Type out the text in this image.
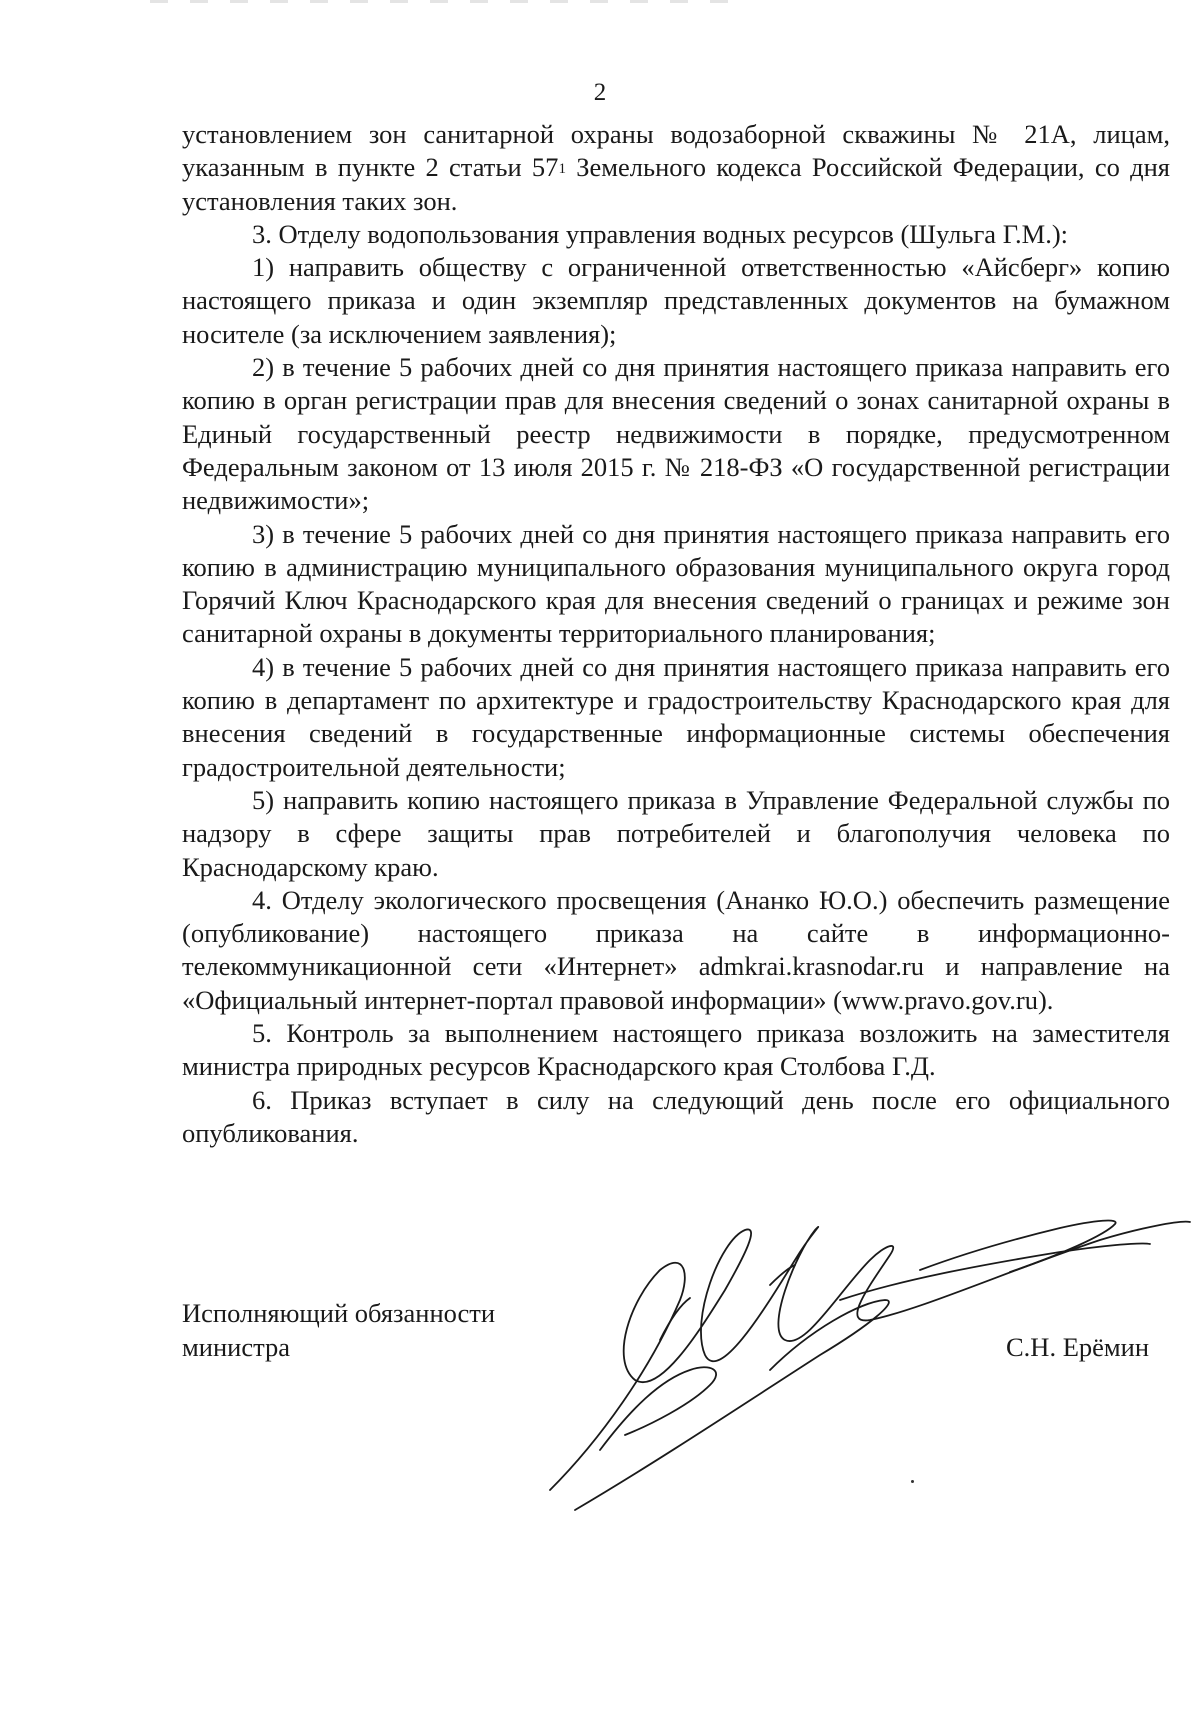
2

установлением зон санитарной охраны водозаборной скважины № 21А, лицам, указанным в пункте 2 статьи $57^1$ Земельного кодекса Российской Федерации, со дня установления таких зон.

3. Отделу водопользования управления водных ресурсов (Шульга Г.М.):

1) направить обществу с ограниченной ответственностью «Айсберг» копию настоящего приказа и один экземпляр представленных документов на бумажном носителе (за исключением заявления);

2) в течение 5 рабочих дней со дня принятия настоящего приказа направить его копию в орган регистрации прав для внесения сведений о зонах санитарной охраны в Единый государственный реестр недвижимости в порядке, предусмотренном Федеральным законом от 13 июля 2015 г. № 218-ФЗ «О государственной регистрации недвижимости»;

3) в течение 5 рабочих дней со дня принятия настоящего приказа направить его копию в администрацию муниципального образования муниципального округа город Горячий Ключ Краснодарского края для внесения сведений о границах и режиме зон санитарной охраны в документы территориального планирования;

4) в течение 5 рабочих дней со дня принятия настоящего приказа направить его копию в департамент по архитектуре и градостроительству Краснодарского края для внесения сведений в государственные информационные системы обеспечения градостроительной деятельности;

5) направить копию настоящего приказа в Управление Федеральной службы по надзору в сфере защиты прав потребителей и благополучия человека по Краснодарскому краю.

4. Отделу экологического просвещения (Ананко Ю.О.) обеспечить размещение (опубликование) настоящего приказа на сайте в информационно-телекоммуникационной сети «Интернет» admkrai.krasnodar.ru и направление на «Официальный интернет-портал правовой информации» (www.pravo.gov.ru).

5. Контроль за выполнением настоящего приказа возложить на заместителя министра природных ресурсов Краснодарского края Столбова Г.Д.

6. Приказ вступает в силу на следующий день после его официального опубликования.

Исполняющий обязанности
министра	С.Н. Ерёмин
